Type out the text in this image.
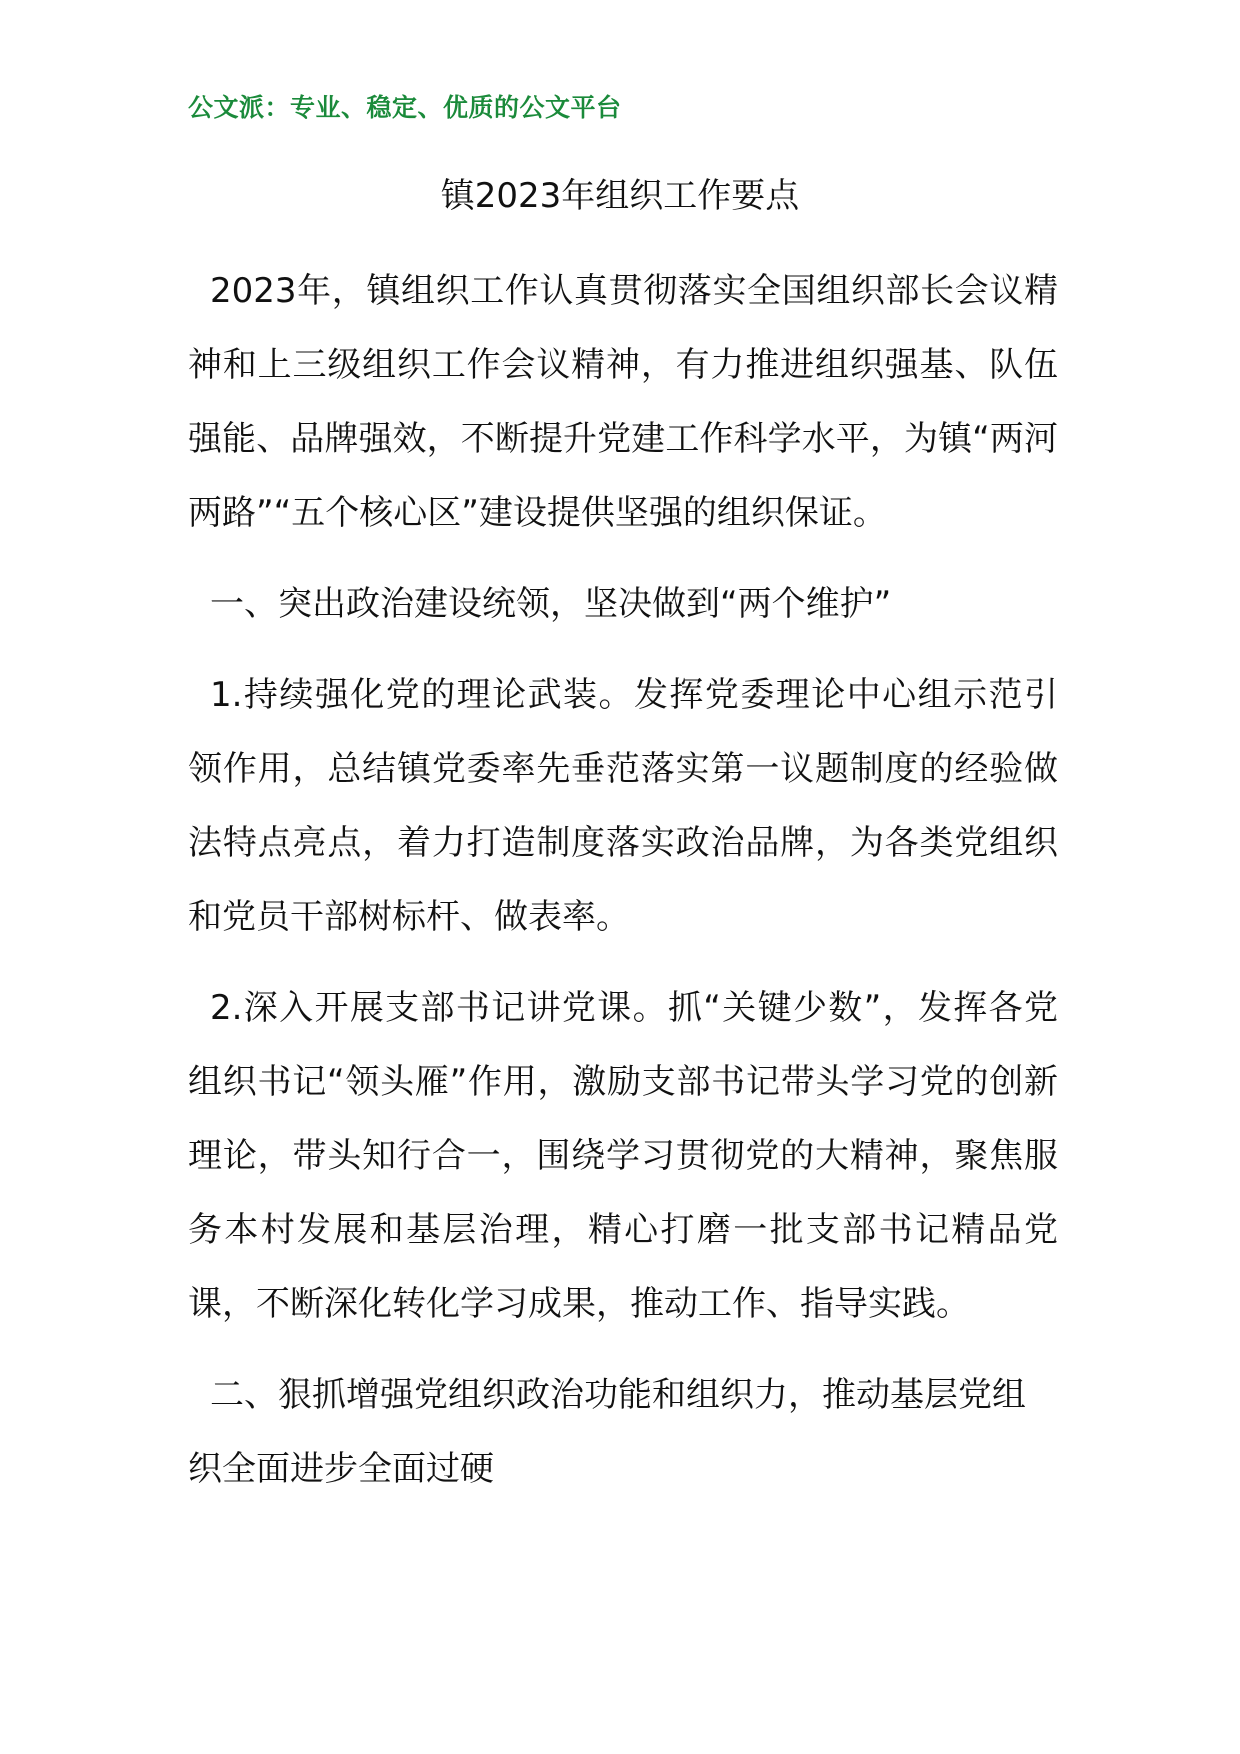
公文派：专业、稳定、优质的公文平台
镇2023年组织工作要点

2023年，镇组织工作认真贯彻落实全国组织部长会议精神和上三级组织工作会议精神，有力推进组织强基、队伍强能、品牌强效，不断提升党建工作科学水平，为镇“两河两路”“五个核心区”建设提供坚强的组织保证。

一、突出政治建设统领，坚决做到“两个维护”

1.持续强化党的理论武装。发挥党委理论中心组示范引领作用，总结镇党委率先垂范落实第一议题制度的经验做法特点亮点，着力打造制度落实政治品牌，为各类党组织和党员干部树标杆、做表率。

2.深入开展支部书记讲党课。抓“关键少数”，发挥各党组织书记“领头雁”作用，激励支部书记带头学习党的创新理论，带头知行合一，围绕学习贯彻党的大精神，聚焦服务本村发展和基层治理，精心打磨一批支部书记精品党课，不断深化转化学习成果，推动工作、指导实践。

二、狠抓增强党组织政治功能和组织力，推动基层党组织全面进步全面过硬
